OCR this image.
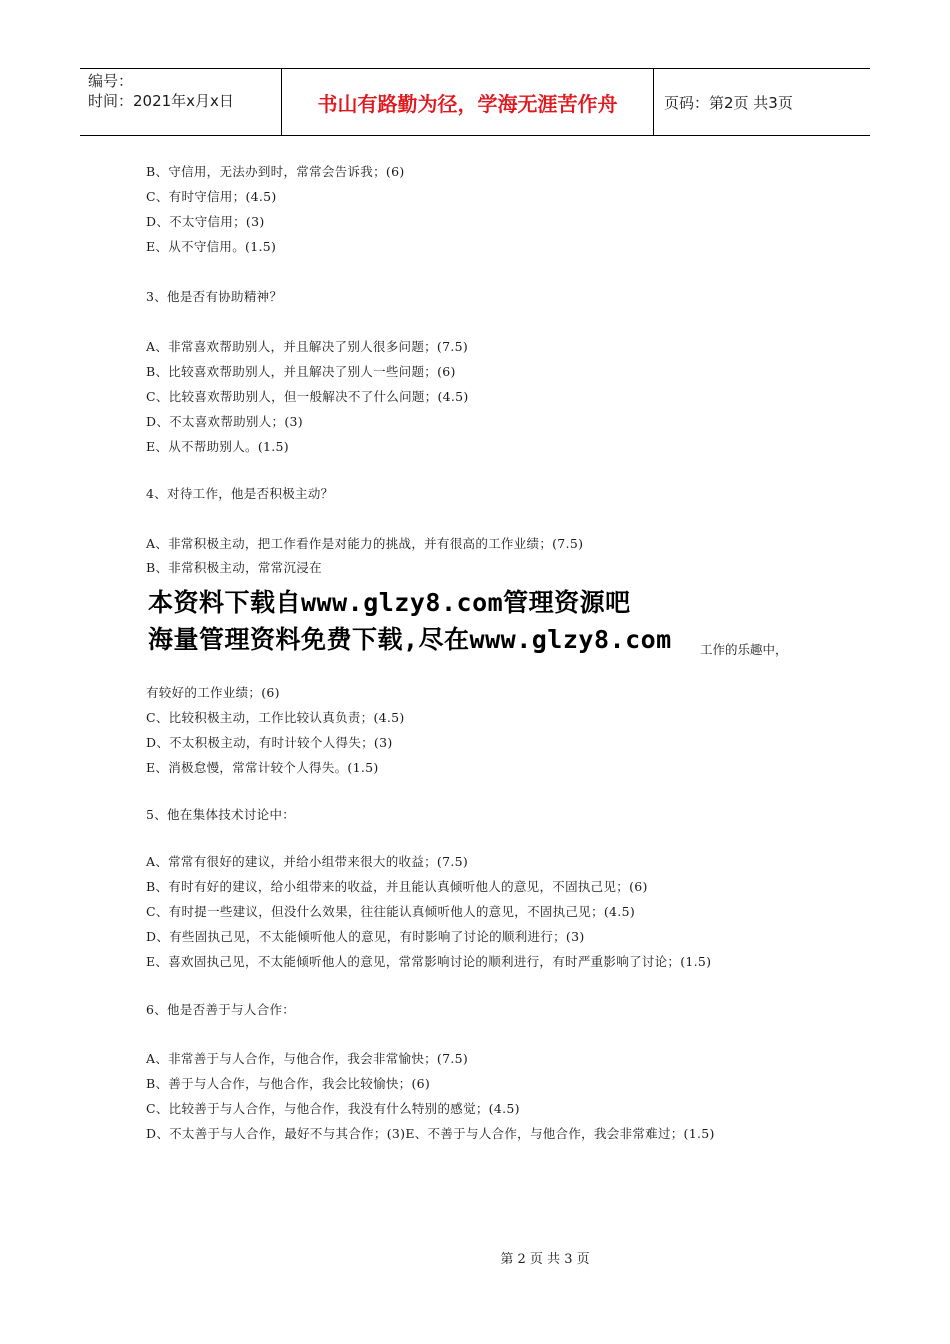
编号：
时间：2021年x月x日	书山有路勤为径，学海无涯苦作舟	页码：第2页 共3页
B、守信用，无法办到时，常常会告诉我；(6)
C、有时守信用；(4.5)
D、不太守信用；(3)
E、从不守信用。(1.5)
3、他是否有协助精神？
A、非常喜欢帮助别人，并且解决了别人很多问题；(7.5)
B、比较喜欢帮助别人，并且解决了别人一些问题；(6)
C、比较喜欢帮助别人，但一般解决不了什么问题；(4.5)
D、不太喜欢帮助别人；(3)
E、从不帮助别人。(1.5)
4、对待工作，他是否积极主动？
A、非常积极主动，把工作看作是对能力的挑战，并有很高的工作业绩；(7.5)
B、非常积极主动，常常沉浸在
有较好的工作业绩；(6)
C、比较积极主动，工作比较认真负责；(4.5)
D、不太积极主动，有时计较个人得失；(3)
E、消极怠慢，常常计较个人得失。(1.5)
5、他在集体技术讨论中：
A、常常有很好的建议，并给小组带来很大的收益；(7.5)
B、有时有好的建议，给小组带来的收益，并且能认真倾听他人的意见，不固执己见；(6)
C、有时提一些建议，但没什么效果，往往能认真倾听他人的意见，不固执己见；(4.5)
D、有些固执己见，不太能倾听他人的意见，有时影响了讨论的顺利进行；(3)
E、喜欢固执己见，不太能倾听他人的意见，常常影响讨论的顺利进行，有时严重影响了讨论；(1.5)
6、他是否善于与人合作：
A、非常善于与人合作，与他合作，我会非常愉快；(7.5)
B、善于与人合作，与他合作，我会比较愉快；(6)
C、比较善于与人合作，与他合作，我没有什么特别的感觉；(4.5)
D、不太善于与人合作，最好不与其合作；(3)E、不善于与人合作，与他合作，我会非常难过；(1.5)
本资料下载自www.glzy8.com管理资源吧
海量管理资料免费下载,尽在www.glzy8.com 工作的乐趣中，
第 2 页 共 3 页
